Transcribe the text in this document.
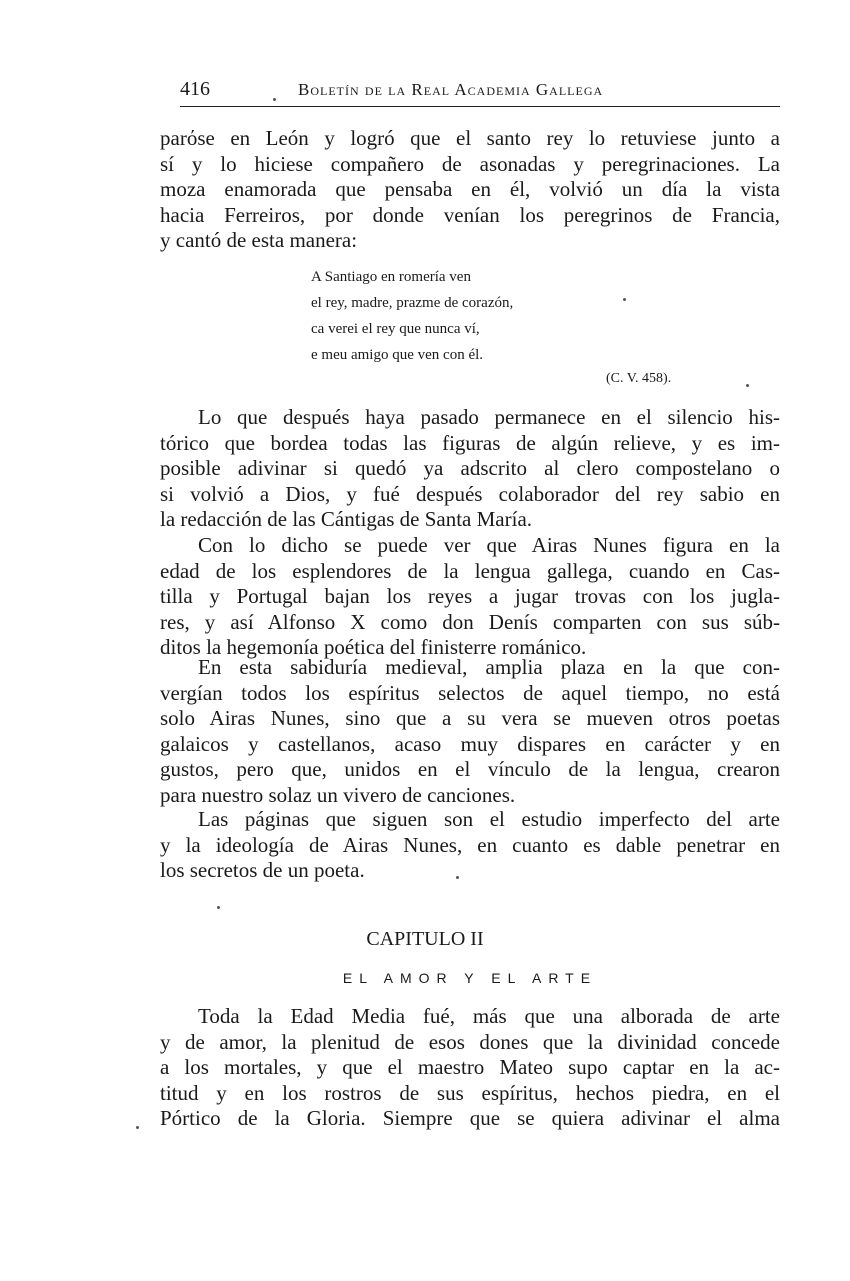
416	Boletín de la Real Academia Gallega
parόse en León y logró que el santo rey lo retuviese junto a
sí y lo hiciese compañero de asonadas y peregrinaciones. La
moza enamorada que pensaba en él, volvió un día la vista
hacia Ferreiros, por donde venían los peregrinos de Francia,
y cantó de esta manera:
A Santiago en romería ven
el rey, madre, prazme de corazón,
ca verei el rey que nunca ví,
e meu amigo que ven con él.
(C. V. 458).
Lo que después haya pasado permanece en el silencio his-
tórico que bordea todas las figuras de algún relieve, y es im-
posible adivinar si quedó ya adscrito al clero compostelano o
si volvió a Dios, y fué después colaborador del rey sabio en
la redacción de las Cántigas de Santa María.
Con lo dicho se puede ver que Airas Nunes figura en la
edad de los esplendores de la lengua gallega, cuando en Cas-
tilla y Portugal bajan los reyes a jugar trovas con los jugla-
res, y así Alfonso X como don Denís comparten con sus súb-
ditos la hegemonía poética del finisterre románico.
En esta sabiduría medieval, amplia plaza en la que con-
vergían todos los espíritus selectos de aquel tiempo, no está
solo Airas Nunes, sino que a su vera se mueven otros poetas
galaicos y castellanos, acaso muy dispares en carácter y en
gustos, pero que, unidos en el vínculo de la lengua, crearon
para nuestro solaz un vivero de canciones.
Las páginas que siguen son el estudio imperfecto del arte
y la ideología de Airas Nunes, en cuanto es dable penetrar en
los secretos de un poeta.
CAPITULO II
EL AMOR Y EL ARTE
Toda la Edad Media fué, más que una alborada de arte
y de amor, la plenitud de esos dones que la divinidad concede
a los mortales, y que el maestro Mateo supo captar en la ac-
titud y en los rostros de sus espíritus, hechos piedra, en el
Pórtico de la Gloria. Siempre que se quiera adivinar el alma
